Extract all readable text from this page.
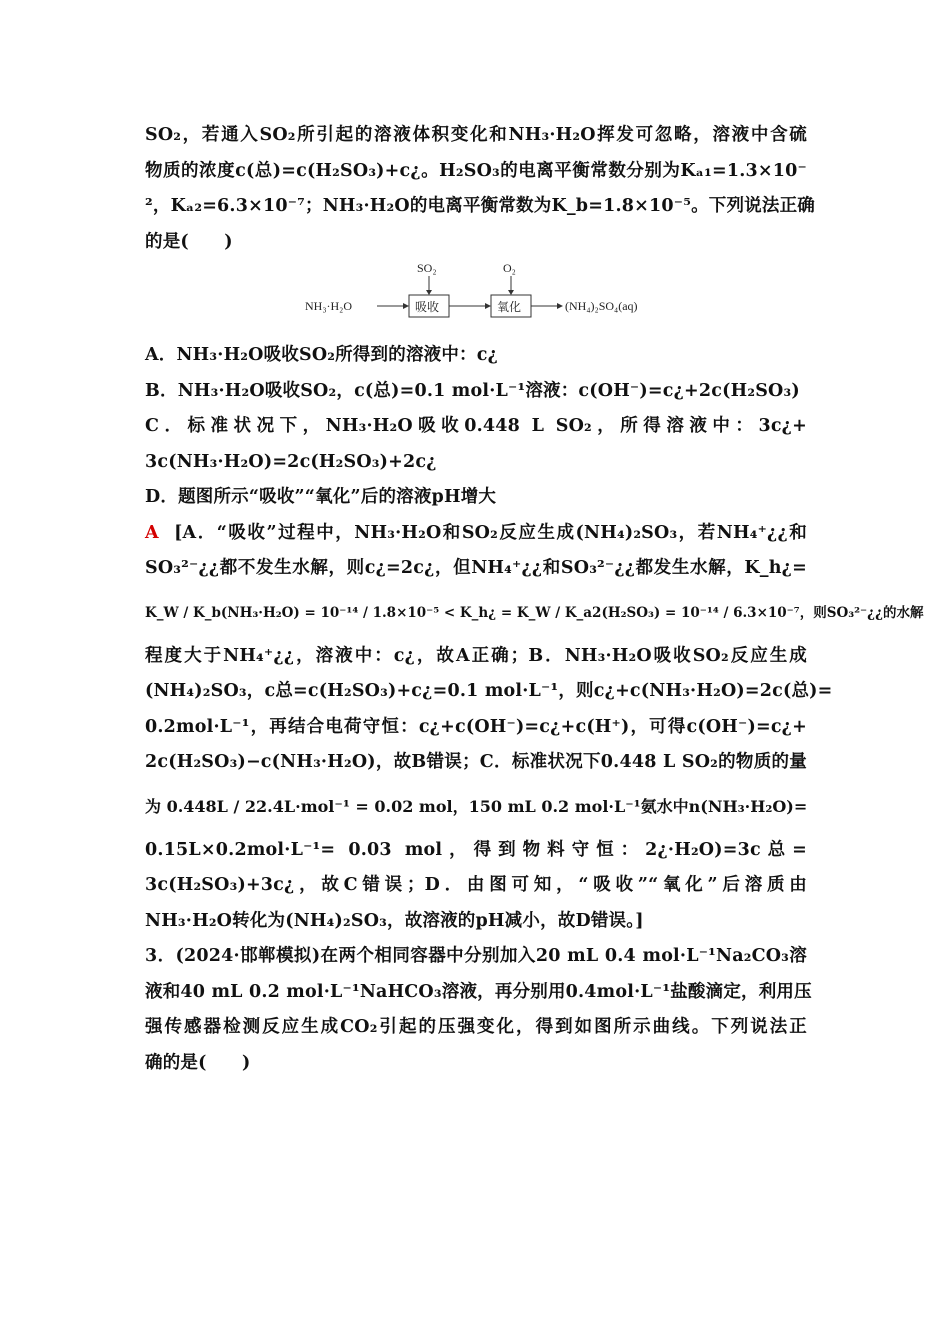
SO₂，若通入SO₂所引起的溶液体积变化和NH₃·H₂O挥发可忽略，溶液中含硫
物质的浓度c(总)=c(H₂SO₃)+c¿。H₂SO₃的电离平衡常数分别为Kₐ₁=1.3×10⁻
²，Kₐ₂=6.3×10⁻⁷；NH₃·H₂O的电离平衡常数为K_b=1.8×10⁻⁵。下列说法正确
的是(　　)
NH₃·H₂O	吸收
SO₂
氧化
O₂
(NH₄)₂SO₄(aq)
A．NH₃·H₂O吸收SO₂所得到的溶液中：c¿
B．NH₃·H₂O吸收SO₂，c(总)=0.1 mol·L⁻¹溶液：c(OH⁻)=c¿+2c(H₂SO₃)
C．标准状况下，NH₃·H₂O吸收0.448 L SO₂，所得溶液中：3c¿+
3c(NH₃·H₂O)=2c(H₂SO₃)+2c¿
D．题图所示“吸收”“氧化”后的溶液pH增大
A [A．“吸收”过程中，NH₃·H₂O和SO₂反应生成(NH₄)₂SO₃，若NH₄⁺¿¿和
SO₃²⁻¿¿都不发生水解，则c¿=2c¿，但NH₄⁺¿¿和SO₃²⁻¿¿都发生水解，K_h¿=
K_W / K_b(NH₃·H₂O) = 10⁻¹⁴ / 1.8×10⁻⁵ < K_h¿ = K_W / K_a2(H₂SO₃) = 10⁻¹⁴ / 6.3×10⁻⁷，则SO₃²⁻¿¿的水解
程度大于NH₄⁺¿¿，溶液中：c¿，故A正确；B．NH₃·H₂O吸收SO₂反应生成
(NH₄)₂SO₃，c总=c(H₂SO₃)+c¿=0.1 mol·L⁻¹，则c¿+c(NH₃·H₂O)=2c(总)=
0.2mol·L⁻¹，再结合电荷守恒：c¿+c(OH⁻)=c¿+c(H⁺)，可得c(OH⁻)=c¿+
2c(H₂SO₃)−c(NH₃·H₂O)，故B错误；C．标准状况下0.448 L SO₂的物质的量
为 0.448L / 22.4L·mol⁻¹ = 0.02 mol，150 mL 0.2 mol·L⁻¹氨水中n(NH₃·H₂O)=
0.15L×0.2mol·L⁻¹= 0.03 mol，得到物料守恒：2¿·H₂O)=3c总=
3c(H₂SO₃)+3c¿，故C错误；D．由图可知，“吸收”“氧化”后溶质由
NH₃·H₂O转化为(NH₄)₂SO₃，故溶液的pH减小，故D错误。]
3．(2024·邯郸模拟)在两个相同容器中分别加入20 mL 0.4 mol·L⁻¹Na₂CO₃溶
液和40 mL 0.2 mol·L⁻¹NaHCO₃溶液，再分别用0.4mol·L⁻¹盐酸滴定，利用压
强传感器检测反应生成CO₂引起的压强变化，得到如图所示曲线。下列说法正
确的是(　　)
